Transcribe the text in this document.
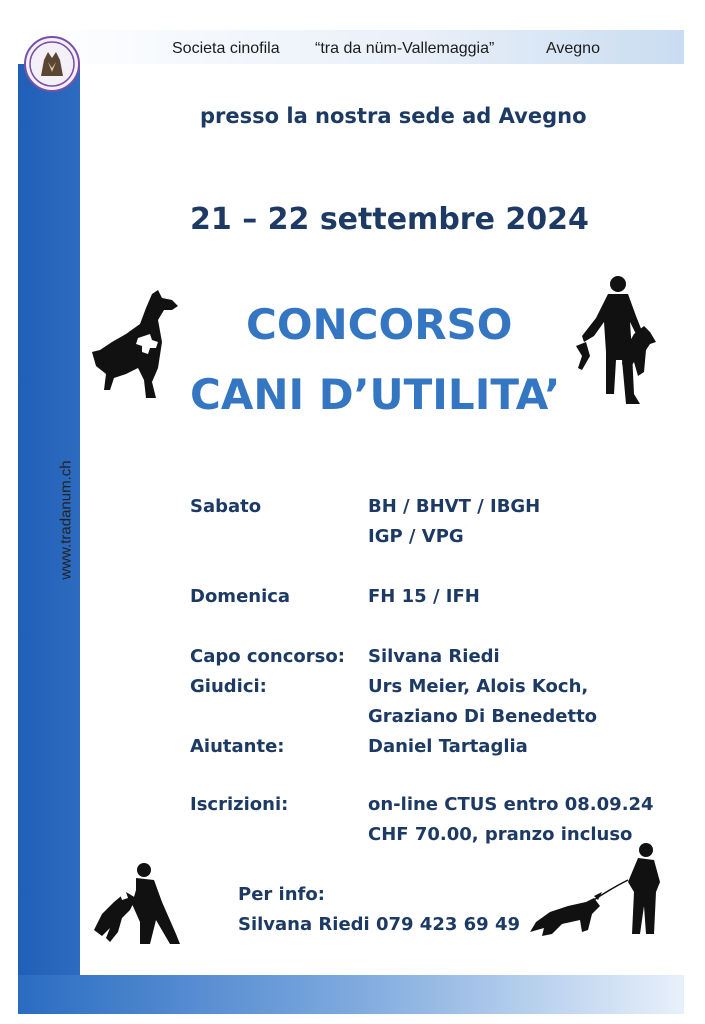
Societa cinofila “tra da nüm-Vallemaggia”	Avegno
www.tradanum.ch
presso la nostra sede ad Avegno
21 – 22 settembre 2024
CONCORSO
CANI D’UTILITA’
Sabato	BH / BHVT / IBGH
IGP / VPG
Domenica	FH 15 / IFH
Capo concorso: Silvana Riedi
Giudici:	Urs Meier, Alois Koch,
Graziano Di Benedetto
Aiutante:	Daniel Tartaglia
Iscrizioni:	on-line CTUS entro 08.09.24
CHF 70.00, pranzo incluso
Per info:
Silvana Riedi 079 423 69 49
